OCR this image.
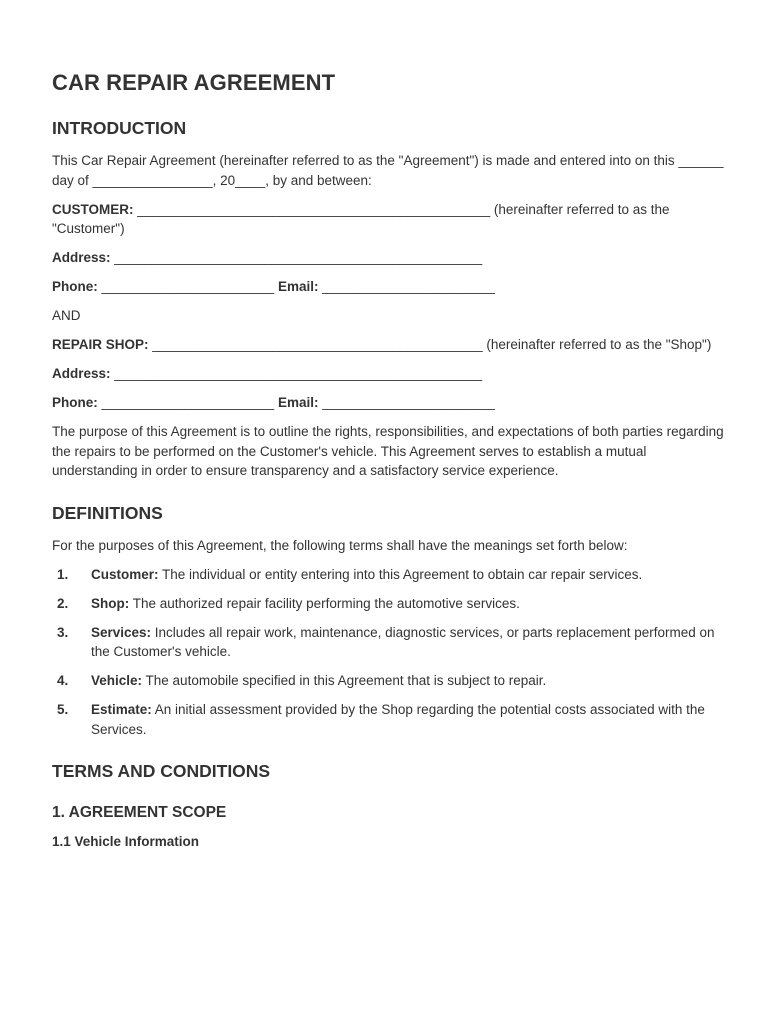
CAR REPAIR AGREEMENT
INTRODUCTION

This Car Repair Agreement (hereinafter referred to as the "Agreement") is made and entered into on this ______ day of ________________, 20____, by and between:

CUSTOMER: _______________________________________________ (hereinafter referred to as the "Customer")

Address: _________________________________________________

Phone: _______________________ Email: _______________________

AND

REPAIR SHOP: ____________________________________________ (hereinafter referred to as the "Shop")

Address: _________________________________________________

Phone: _______________________ Email: _______________________

The purpose of this Agreement is to outline the rights, responsibilities, and expectations of both parties regarding the repairs to be performed on the Customer's vehicle. This Agreement serves to establish a mutual understanding in order to ensure transparency and a satisfactory service experience.

DEFINITIONS

For the purposes of this Agreement, the following terms shall have the meanings set forth below:

1.	Customer: The individual or entity entering into this Agreement to obtain car repair services.
2.	Shop: The authorized repair facility performing the automotive services.
3.	Services: Includes all repair work, maintenance, diagnostic services, or parts replacement performed on the Customer's vehicle.
4.	Vehicle: The automobile specified in this Agreement that is subject to repair.
5.	Estimate: An initial assessment provided by the Shop regarding the potential costs associated with the Services.
TERMS AND CONDITIONS
1. AGREEMENT SCOPE
1.1 Vehicle Information
